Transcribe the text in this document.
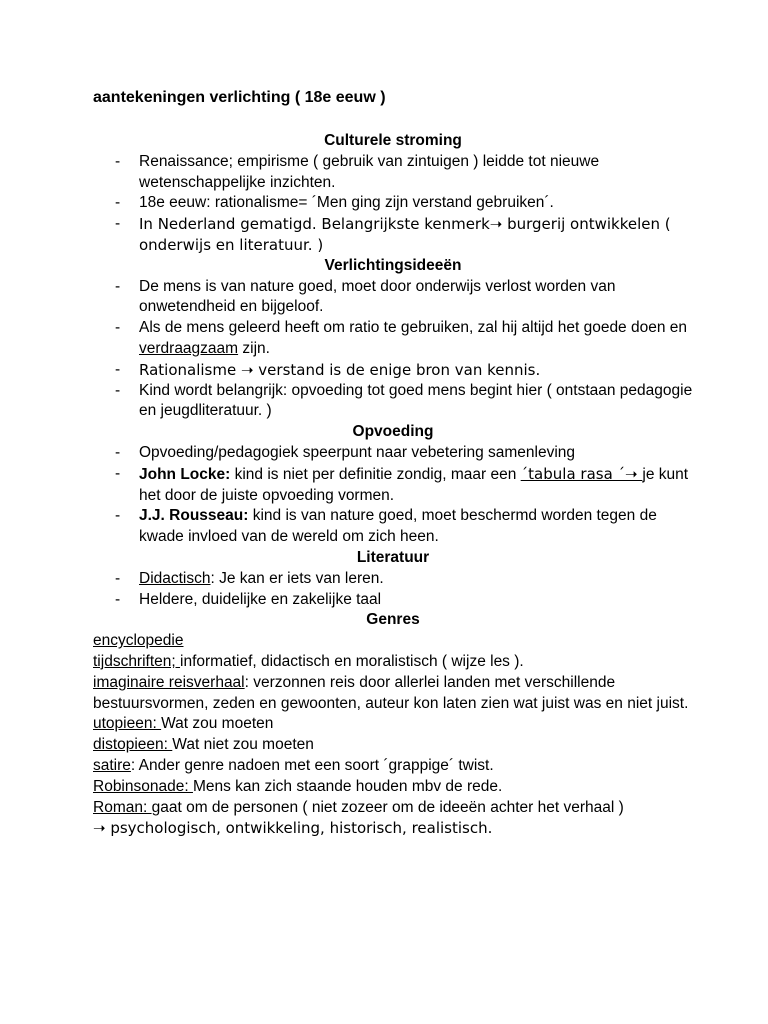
aantekeningen verlichting ( 18e eeuw )
Culturele stroming
- Renaissance; empirisme ( gebruik van zintuigen ) leidde tot nieuwe wetenschappelijke inzichten.
- 18e eeuw: rationalisme= ´Men ging zijn verstand gebruiken´.
- In Nederland gematigd. Belangrijkste kenmerk➝ burgerij ontwikkelen ( onderwijs en literatuur. )
Verlichtingsideeën
- De mens is van nature goed, moet door onderwijs verlost worden van onwetendheid en bijgeloof.
- Als de mens geleerd heeft om ratio te gebruiken, zal hij altijd het goede doen en verdraagzaam zijn.
- Rationalisme ➝ verstand is de enige bron van kennis.
- Kind wordt belangrijk: opvoeding tot goed mens begint hier ( ontstaan pedagogie en jeugdliteratuur. )
Opvoeding
- Opvoeding/pedagogiek speerpunt naar vebetering samenleving
- John Locke: kind is niet per definitie zondig, maar een ´tabula rasa ´➝ je kunt het door de juiste opvoeding vormen.
- J.J. Rousseau: kind is van nature goed, moet beschermd worden tegen de kwade invloed van de wereld om zich heen.
Literatuur
- Didactisch: Je kan er iets van leren.
- Heldere, duidelijke en zakelijke taal
Genres
encyclopedie
tijdschriften; informatief, didactisch en moralistisch ( wijze les ).
imaginaire reisverhaal: verzonnen reis door allerlei landen met verschillende bestuursvormen, zeden en gewoonten, auteur kon laten zien wat juist was en niet juist.
utopieen: Wat zou moeten
distopieen: Wat niet zou moeten
satire: Ander genre nadoen met een soort ´grappige´ twist.
Robinsonade: Mens kan zich staande houden mbv de rede.
Roman: gaat om de personen ( niet zozeer om de ideeën achter het verhaal )
➝ psychologisch, ontwikkeling, historisch, realistisch.
